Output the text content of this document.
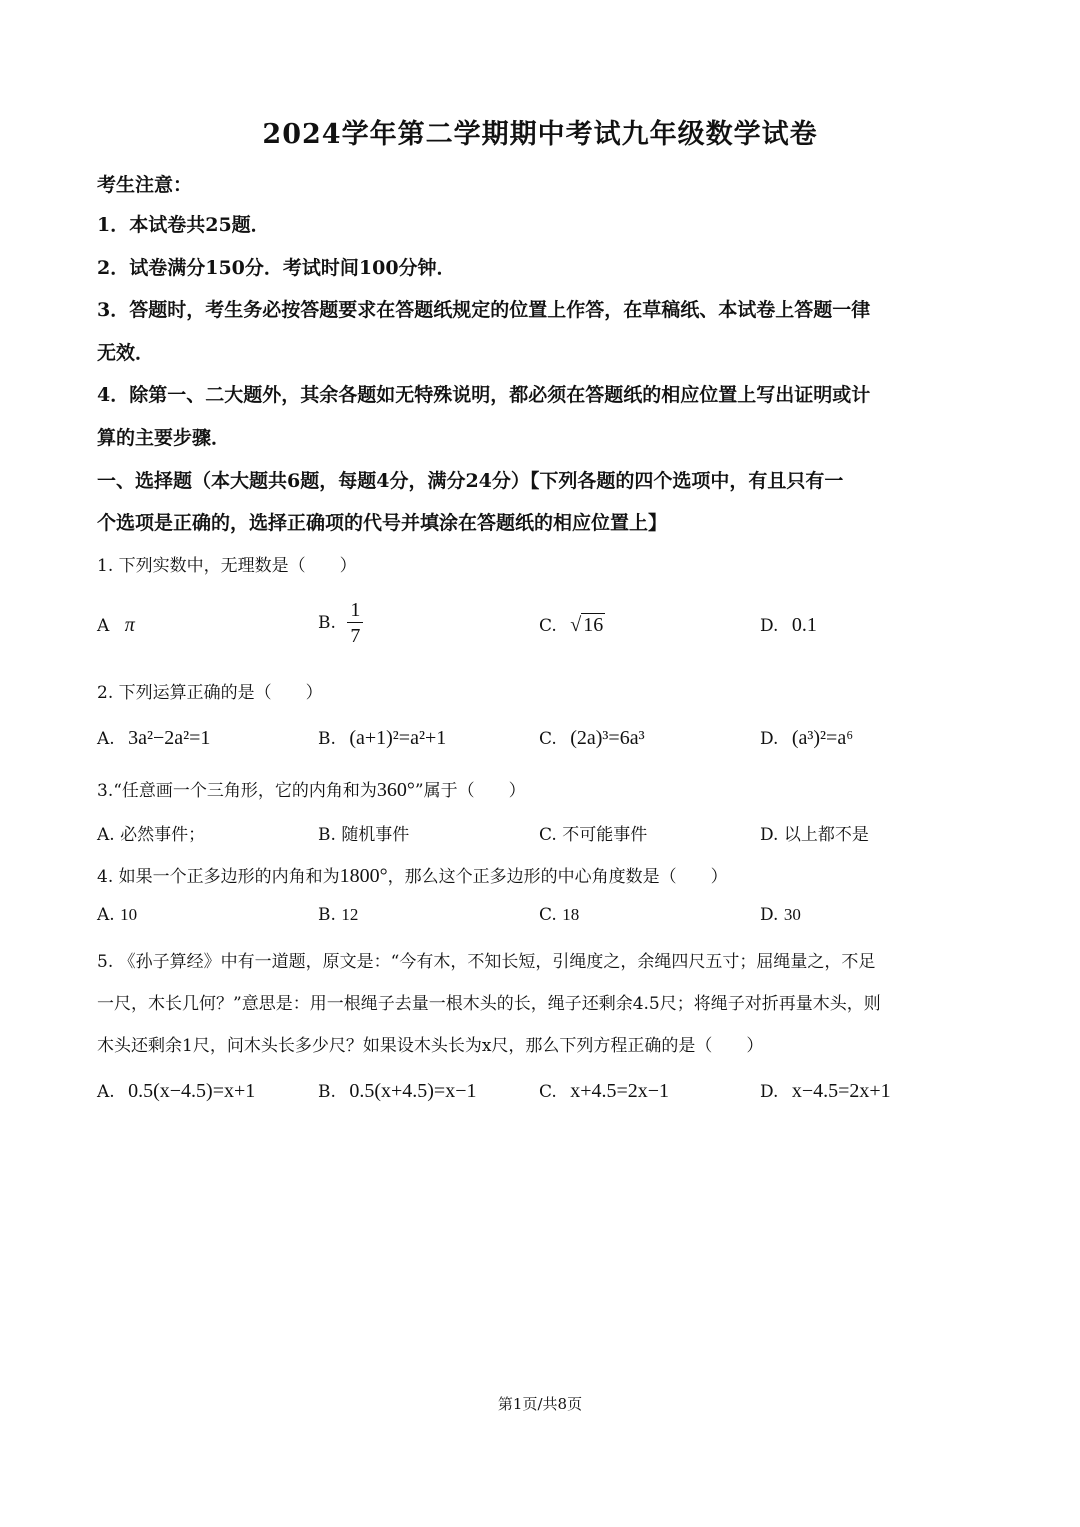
2024学年第二学期期中考试九年级数学试卷
考生注意：
1．本试卷共25题．
2．试卷满分150分．考试时间100分钟．
3．答题时，考生务必按答题要求在答题纸规定的位置上作答，在草稿纸、本试卷上答题一律
无效．
4．除第一、二大题外，其余各题如无特殊说明，都必须在答题纸的相应位置上写出证明或计
算的主要步骤．
一、选择题（本大题共6题，每题4分，满分24分）【下列各题的四个选项中，有且只有一
个选项是正确的，选择正确项的代号并填涂在答题纸的相应位置上】
1. 下列实数中，无理数是（　　）
A π	B. $\frac{1}{7}$	C. √ 16	D. 0.1
2. 下列运算正确的是（　　）
A. 3a²−2a²=1	B. (a+1)²=a²+1	C. (2a)³=6a³	D. (a³)²=a⁶
3.“任意画一个三角形，它的内角和为360°”属于（　　）
A. 必然事件；	B. 随机事件	C. 不可能事件	D. 以上都不是
4. 如果一个正多边形的内角和为1800°，那么这个正多边形的中心角度数是（　　）
A. 10	B. 12	C. 18	D. 30
5. 《孙子算经》中有一道题，原文是：“今有木，不知长短，引绳度之，余绳四尺五寸；屈绳量之，不足
一尺，木长几何？”意思是：用一根绳子去量一根木头的长，绳子还剩余4.5尺；将绳子对折再量木头，则
木头还剩余1尺，问木头长多少尺？如果设木头长为x尺，那么下列方程正确的是（　　）
A. 0.5(x−4.5)=x+1	B. 0.5(x+4.5)=x−1	C. x+4.5=2x−1	D. x−4.5=2x+1
第1页/共8页
